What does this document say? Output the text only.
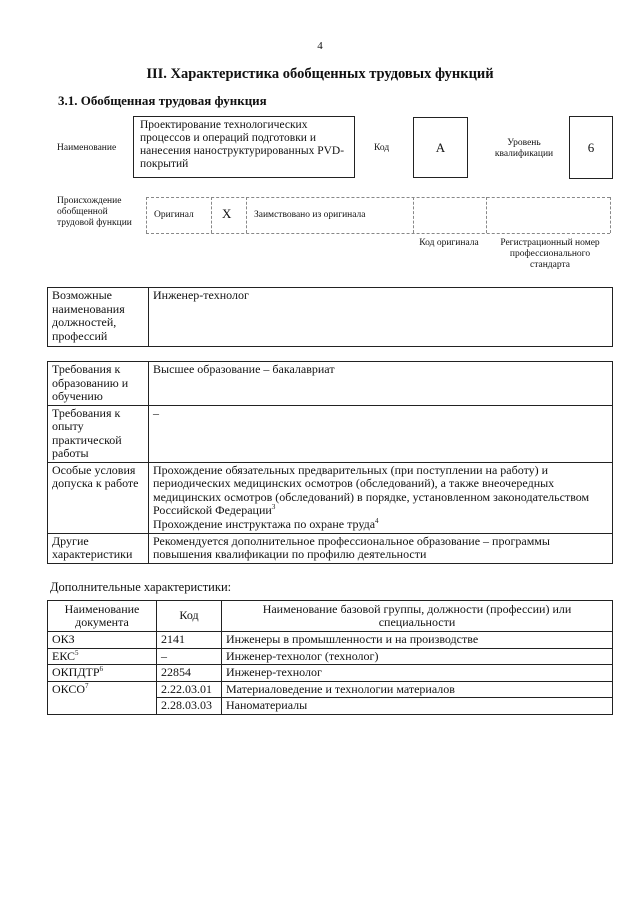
4
III. Характеристика обобщенных трудовых функций
3.1. Обобщенная трудовая функция
Наименование
Проектирование технологических процессов и операций подготовки и нанесения наноструктурированных PVD-покрытий
Код	A	Уровень квалификации	6
Происхождение обобщенной трудовой функции
Оригинал X Заимствовано из оригинала
Код оригинала	Регистрационный номер профессионального стандарта
Возможные наименования должностей, профессий	Инженер-технолог
Требования к образованию и обучению	Высшее образование – бакалавриат
Требования к опыту практической работы	–
Особые условия допуска к работе	Прохождение обязательных предварительных (при поступлении на работу) и периодических медицинских осмотров (обследований), а также внеочередных медицинских осмотров (обследований) в порядке, установленном законодательством Российской Федерации$^3$
Прохождение инструктажа по охране труда$^4$
Другие характеристики	Рекомендуется дополнительное профессиональное образование – программы повышения квалификации по профилю деятельности
Дополнительные характеристики:
Наименование документа	Код	Наименование базовой группы, должности (профессии) или специальности
ОКЗ	2141	Инженеры в промышленности и на производстве
ЕКС$^5$	–	Инженер-технолог (технолог)
ОКПДТР$^6$	22854	Инженер-технолог
ОКСО$^7$	2.22.03.01	Материаловедение и технологии материалов
	2.28.03.03	Наноматериалы
